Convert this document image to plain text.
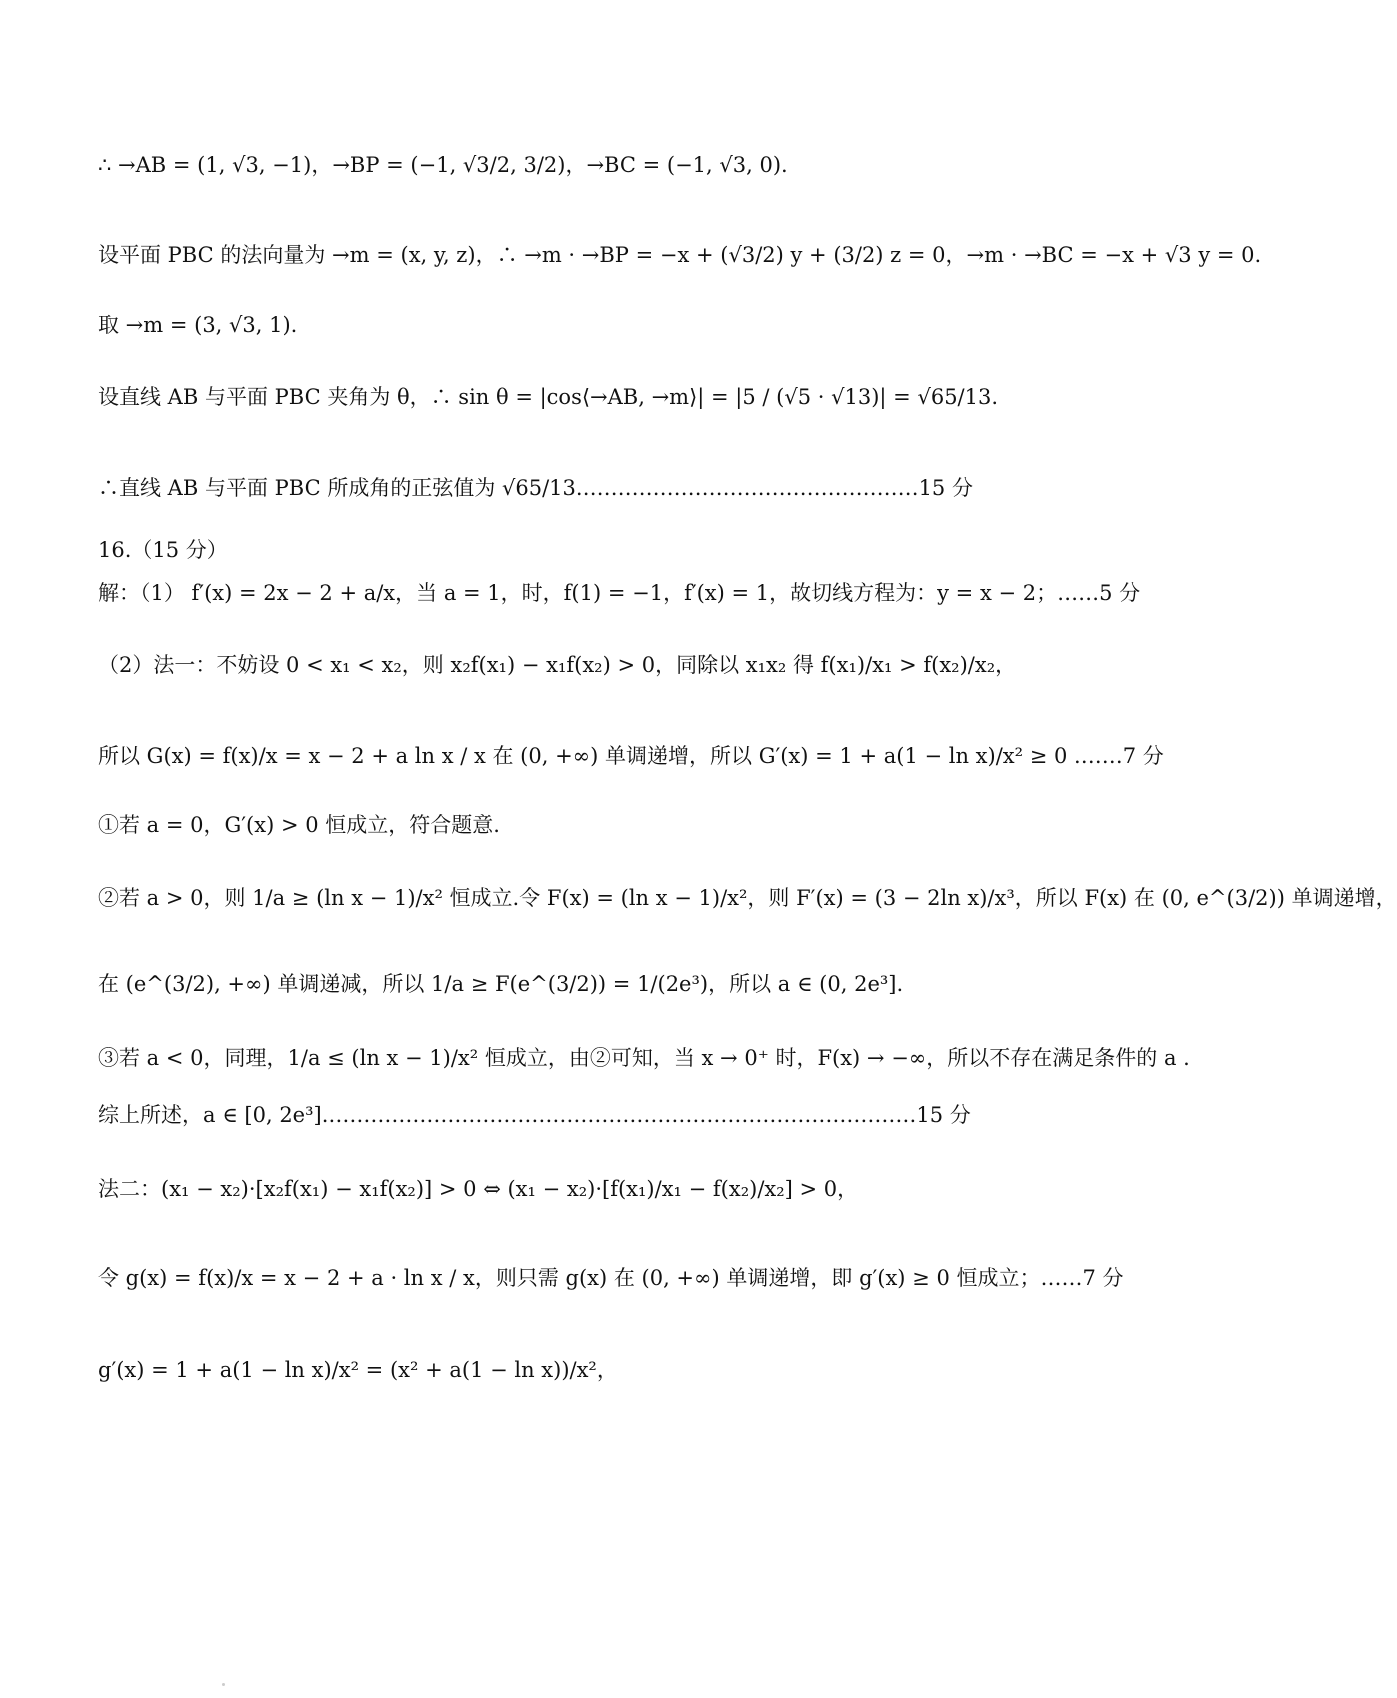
∴ →AB = (1, √3, −1)，→BP = (−1, √3/2, 3/2)，→BC = (−1, √3, 0).
设平面 PBC 的法向量为 →m = (x, y, z)，∴ →m · →BP = −x + (√3/2) y + (3/2) z = 0，→m · →BC = −x + √3 y = 0.
取 →m = (3, √3, 1).
设直线 AB 与平面 PBC 夹角为 θ，∴ sin θ = |cos⟨→AB, →m⟩| = |5 / (√5 · √13)| = √65/13.
∴直线 AB 与平面 PBC 所成角的正弦值为 √65/13.…………………………………………15 分
16.（15 分）
解：（1） f′(x) = 2x − 2 + a/x，当 a = 1，时，f(1) = −1，f′(x) = 1，故切线方程为：y = x − 2；……5 分
（2）法一：不妨设 0 < x₁ < x₂，则 x₂f(x₁) − x₁f(x₂) > 0，同除以 x₁x₂ 得 f(x₁)/x₁ > f(x₂)/x₂，
所以 G(x) = f(x)/x = x − 2 + a ln x / x 在 (0, +∞) 单调递增，所以 G′(x) = 1 + a(1 − ln x)/x² ≥ 0 .……7 分
①若 a = 0，G′(x) > 0 恒成立，符合题意.
②若 a > 0，则 1/a ≥ (ln x − 1)/x² 恒成立.令 F(x) = (ln x − 1)/x²，则 F′(x) = (3 − 2ln x)/x³，所以 F(x) 在 (0, e^(3/2)) 单调递增，
在 (e^(3/2), +∞) 单调递减，所以 1/a ≥ F(e^(3/2)) = 1/(2e³)，所以 a ∈ (0, 2e³].
③若 a < 0，同理，1/a ≤ (ln x − 1)/x² 恒成立，由②可知，当 x → 0⁺ 时，F(x) → −∞，所以不存在满足条件的 a .
综上所述，a ∈ [0, 2e³].…………………………………………………………………………15 分
法二：(x₁ − x₂)·[x₂f(x₁) − x₁f(x₂)] > 0 ⇔ (x₁ − x₂)·[f(x₁)/x₁ − f(x₂)/x₂] > 0，
令 g(x) = f(x)/x = x − 2 + a · ln x / x，则只需 g(x) 在 (0, +∞) 单调递增，即 g′(x) ≥ 0 恒成立；……7 分
g′(x) = 1 + a(1 − ln x)/x² = (x² + a(1 − ln x))/x²，
